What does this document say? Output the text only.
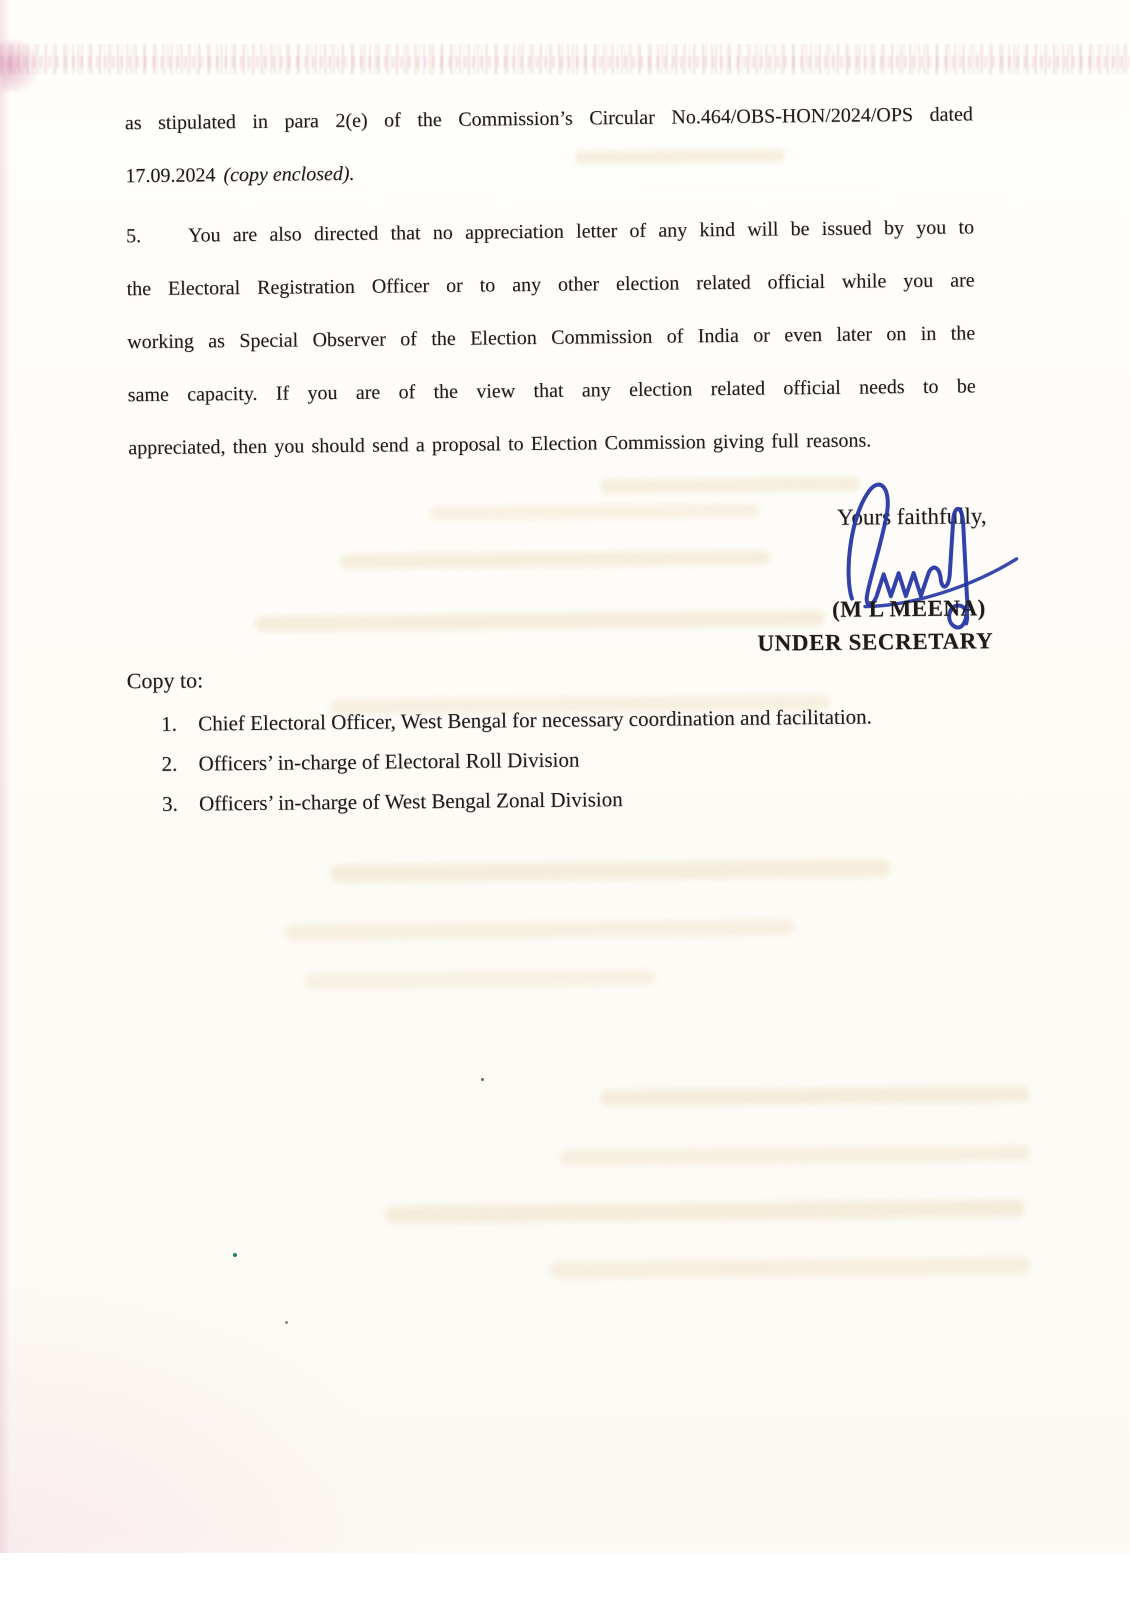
as stipulated in para 2(e) of the Commission’s Circular No.464/OBS-HON/2024/OPS dated
17.09.2024 (copy enclosed).
5. You are also directed that no appreciation letter of any kind will be issued by you to
the Electoral Registration Officer or to any other election related official while you are
working as Special Observer of the Election Commission of India or even later on in the
same capacity. If you are of the view that any election related official needs to be
appreciated, then you should send a proposal to Election Commission giving full reasons.
Yours faithfully,
(M L MEENA)
UNDER SECRETARY
Copy to:
1. Chief Electoral Officer, West Bengal for necessary coordination and facilitation.
2. Officers’ in-charge of Electoral Roll Division
3. Officers’ in-charge of West Bengal Zonal Division
